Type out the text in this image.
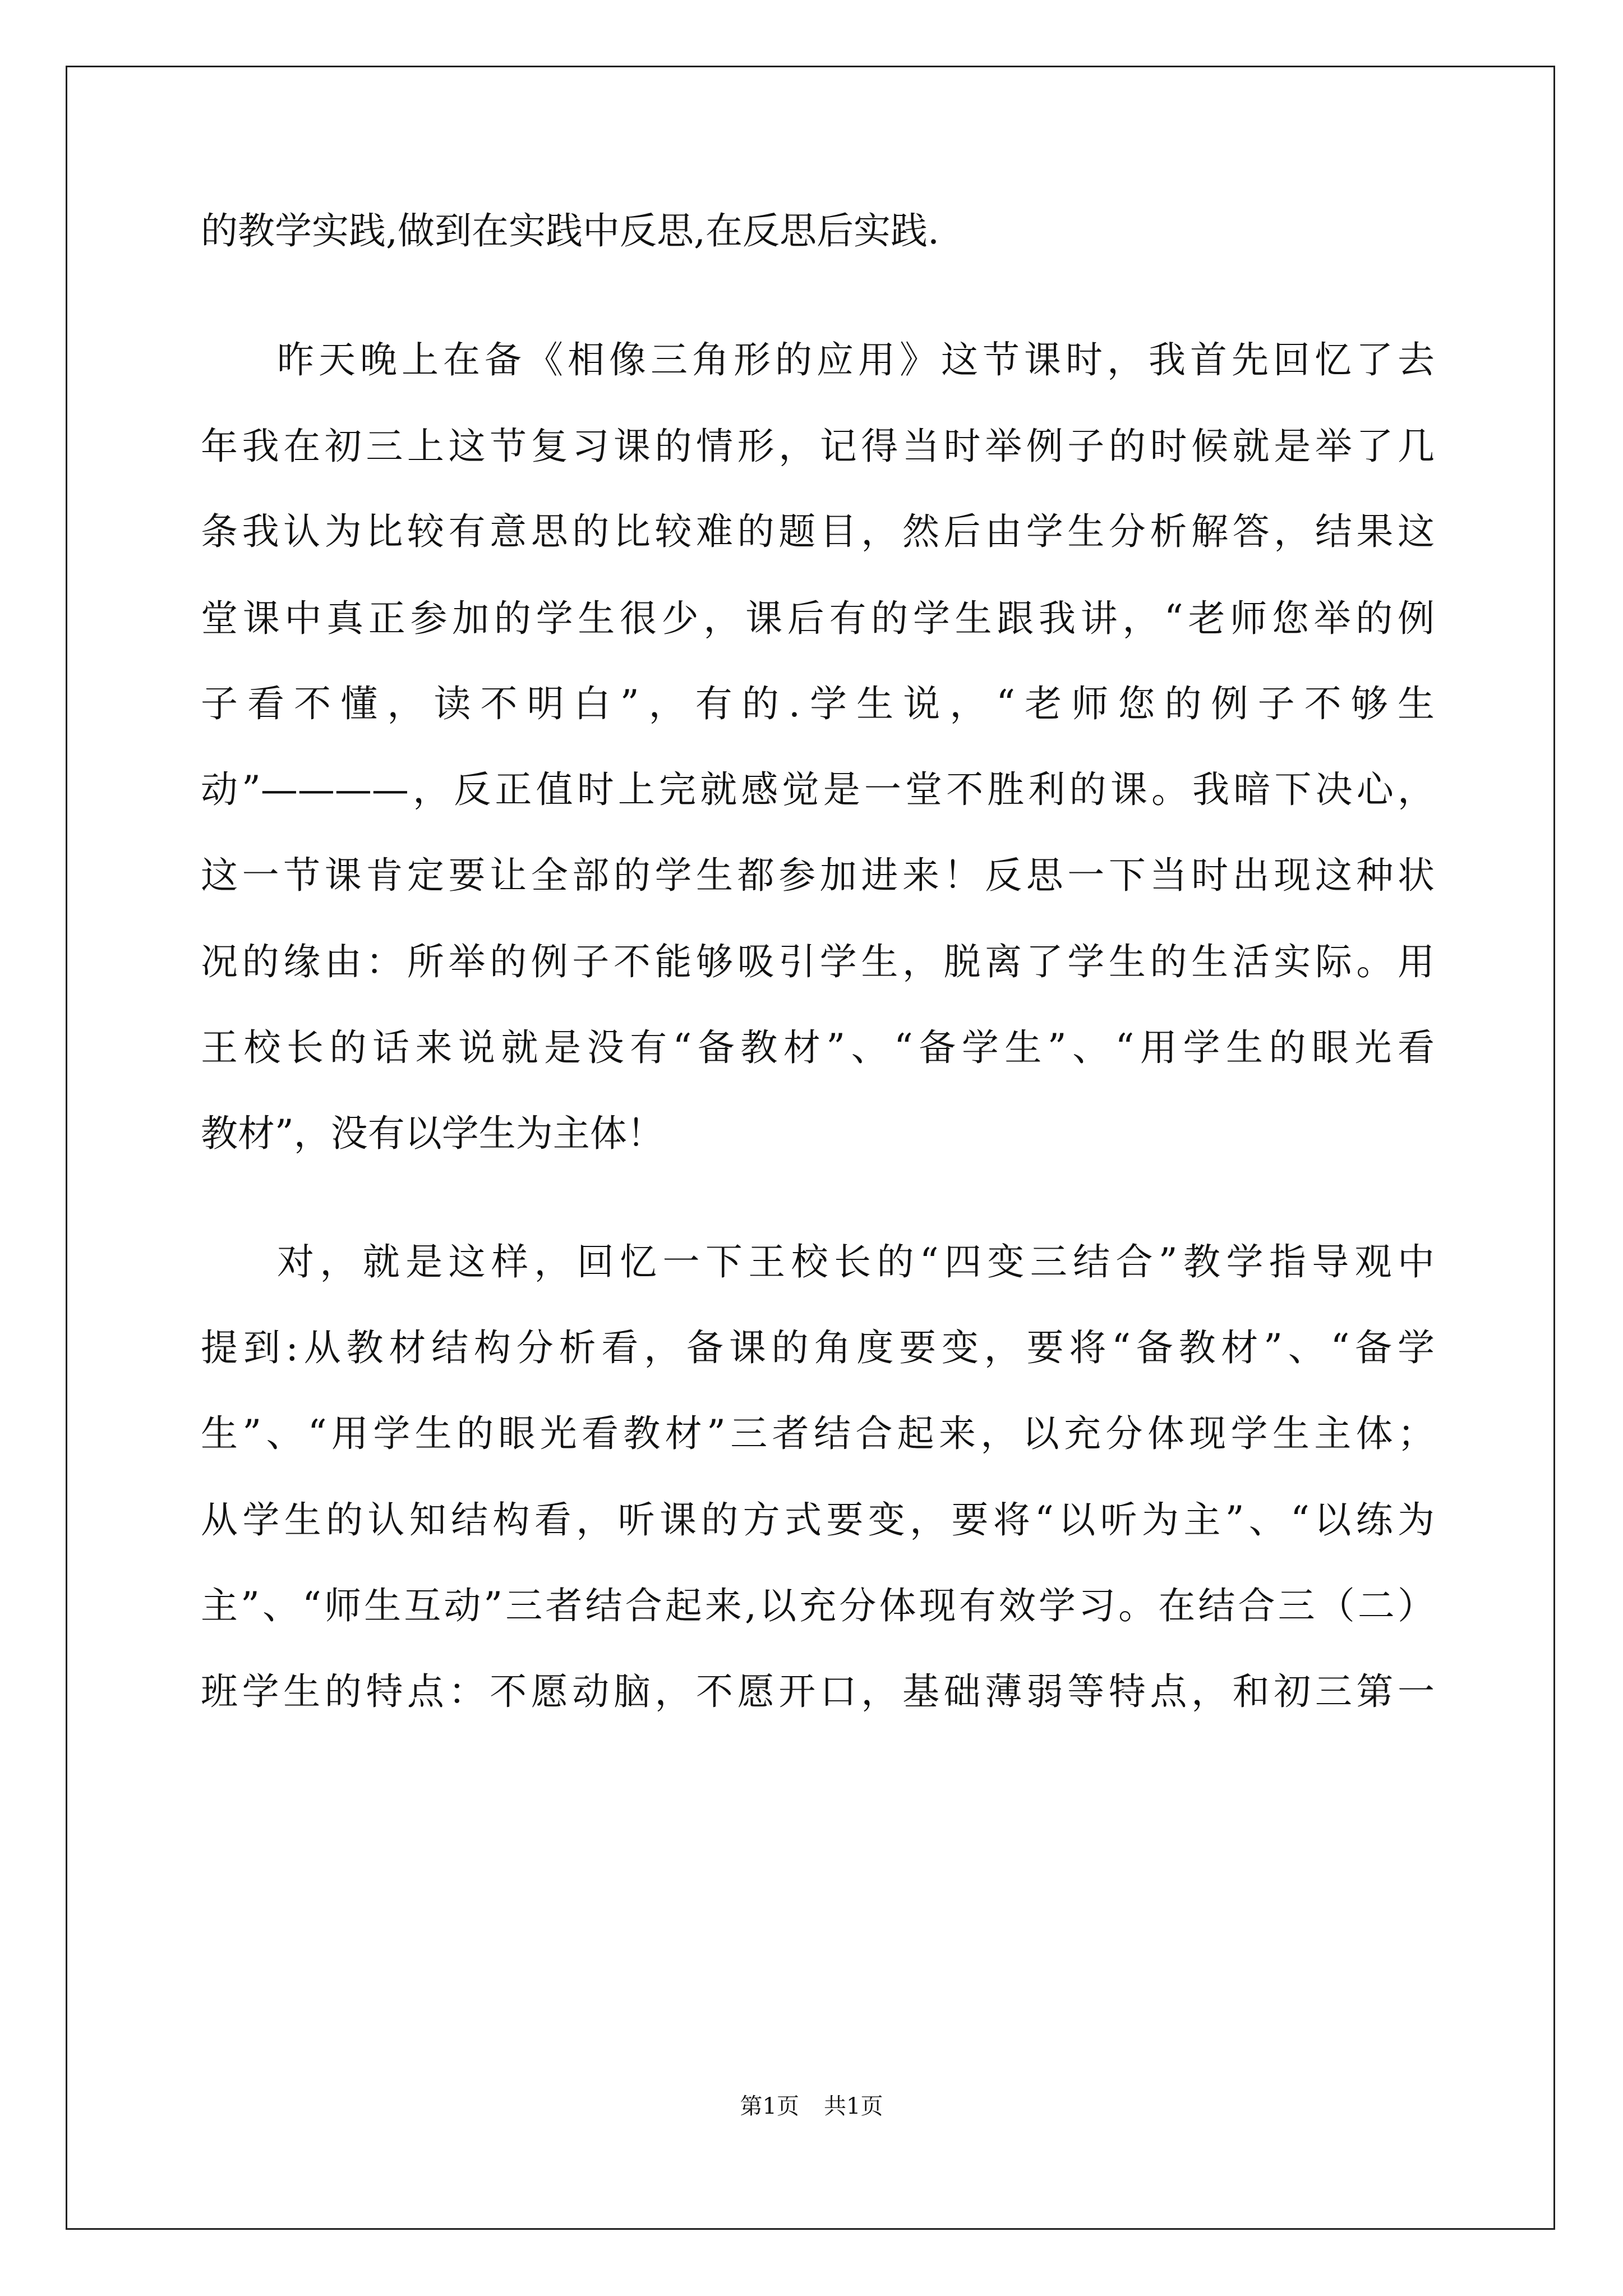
的教学实践,做到在实践中反思,在反思后实践.
昨天晚上在备《相像三角形的应用》这节课时，我首先回忆了去
年我在初三上这节复习课的情形，记得当时举例子的时候就是举了几
条我认为比较有意思的比较难的题目，然后由学生分析解答，结果这
堂课中真正参加的学生很少，课后有的学生跟我讲，“老师您举的例
子看不懂，读不明白”，有的.学生说，“老师您的例子不够生
动”————，反正值时上完就感觉是一堂不胜利的课。我暗下决心，
这一节课肯定要让全部的学生都参加进来！反思一下当时出现这种状
况的缘由：所举的例子不能够吸引学生，脱离了学生的生活实际。用
王校长的话来说就是没有“备教材”、“备学生”、“用学生的眼光看
教材”，没有以学生为主体！
对，就是这样，回忆一下王校长的“四变三结合”教学指导观中
提到:从教材结构分析看，备课的角度要变，要将“备教材”、“备学
生”、“用学生的眼光看教材”三者结合起来，以充分体现学生主体；
从学生的认知结构看，听课的方式要变，要将“以听为主”、“以练为
主”、“师生互动”三者结合起来,以充分体现有效学习。在结合三（二）
班学生的特点：不愿动脑，不愿开口，基础薄弱等特点，和初三第一
第1页 共1页
